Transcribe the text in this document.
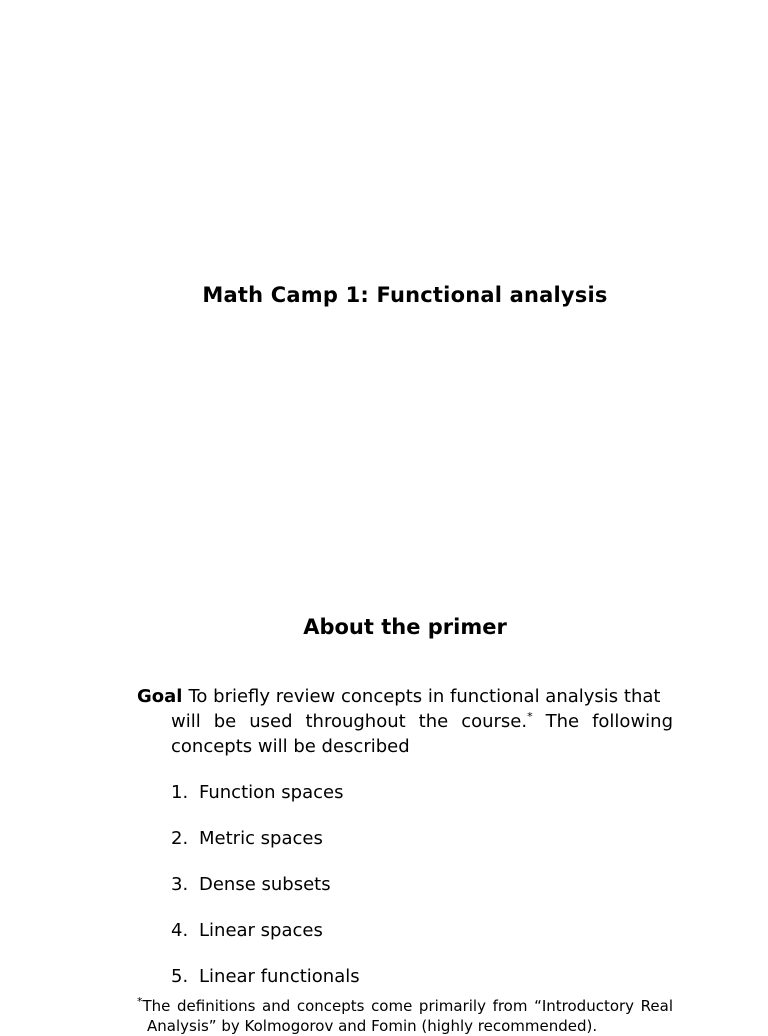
Math Camp 1: Functional analysis
About the primer
Goal To briefly review concepts in functional analysis that
will be used throughout the course.* The following
concepts will be described
1. Function spaces
2. Metric spaces
3. Dense subsets
4. Linear spaces
5. Linear functionals
*The definitions and concepts come primarily from “Introductory Real
Analysis” by Kolmogorov and Fomin (highly recommended).
